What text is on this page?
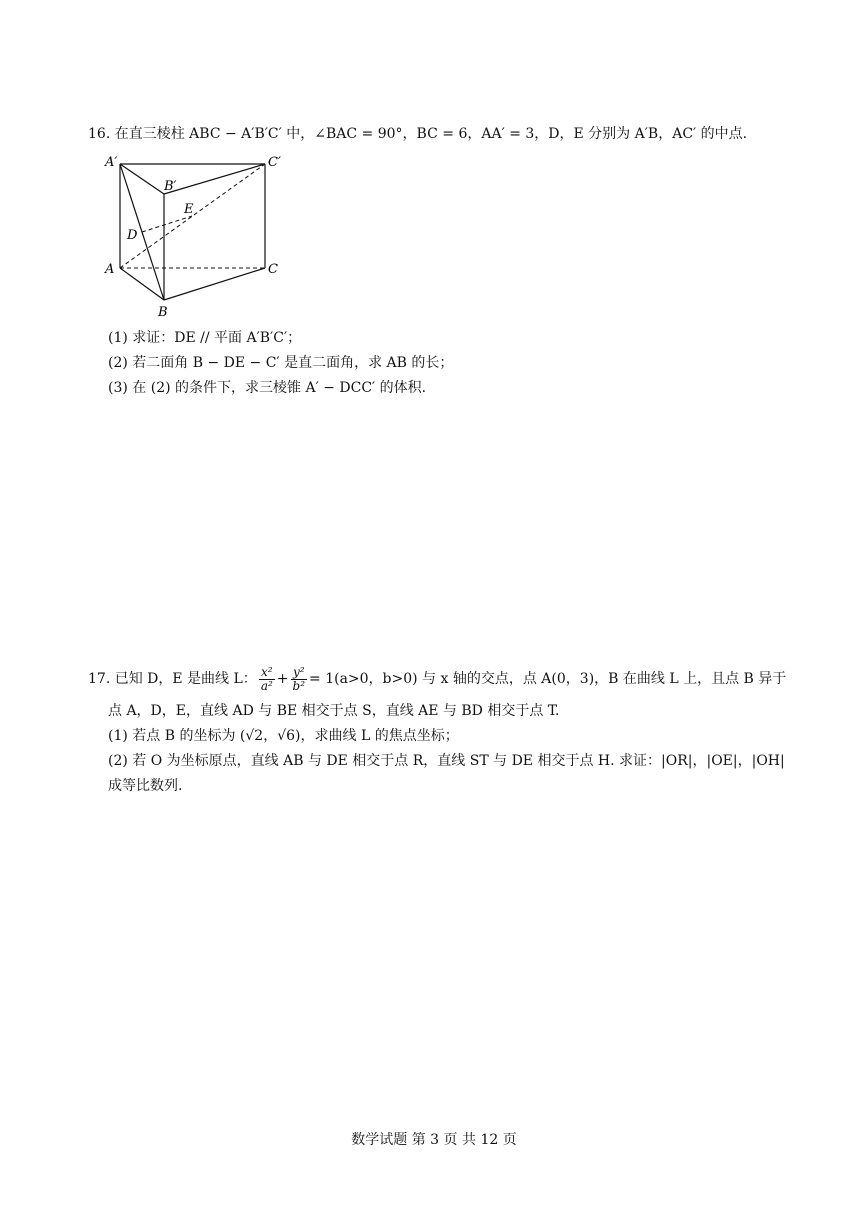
16. 在直三棱柱 ABC − A′B′C′ 中，∠BAC = 90°，BC = 6，AA′ = 3，D，E 分别为 A′B，AC′ 的中点.
A′
B′
C′
E
D
A	C
B
(1) 求证：DE // 平面 A′B′C′；
(2) 若二面角 B − DE − C′ 是直二面角，求 AB 的长；
(3) 在 (2) 的条件下，求三棱锥 A′ − DCC′ 的体积.
17. 已知 D，E 是曲线 L： $\frac{\text{x²}}{\text{a²}} + \frac{\text{y²}}{\text{b²}} = 1(a>0$，b>0) 与 x 轴的交点，点 A(0，3)，B 在曲线 L 上，且点 B 异于
点 A，D，E，直线 AD 与 BE 相交于点 S，直线 AE 与 BD 相交于点 T.
(1) 若点 B 的坐标为 (√2，√6)，求曲线 L 的焦点坐标；
(2) 若 O 为坐标原点，直线 AB 与 DE 相交于点 R，直线 ST 与 DE 相交于点 H. 求证：|OR|，|OE|，|OH|
成等比数列.
数学试题 第 3 页 共 12 页
